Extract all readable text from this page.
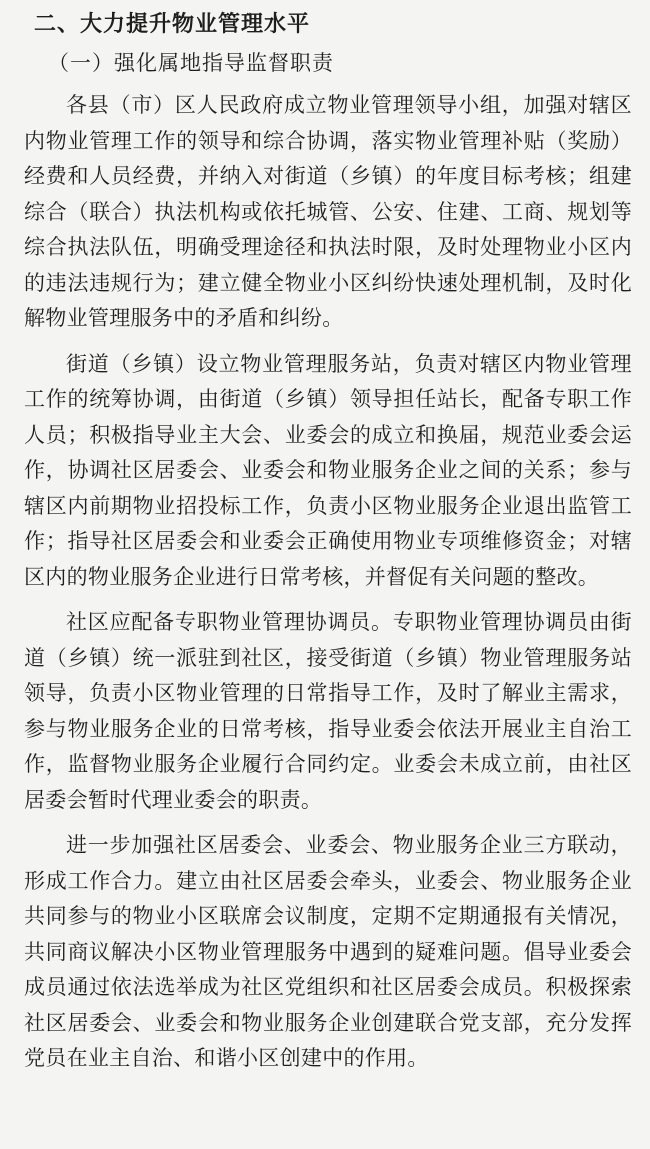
二、大力提升物业管理水平
（一）强化属地指导监督职责
各县（市）区人民政府成立物业管理领导小组，加强对辖区
内物业管理工作的领导和综合协调，落实物业管理补贴（奖励）
经费和人员经费，并纳入对街道（乡镇）的年度目标考核；组建
综合（联合）执法机构或依托城管、公安、住建、工商、规划等
综合执法队伍，明确受理途径和执法时限，及时处理物业小区内
的违法违规行为；建立健全物业小区纠纷快速处理机制，及时化
解物业管理服务中的矛盾和纠纷。
街道（乡镇）设立物业管理服务站，负责对辖区内物业管理
工作的统筹协调，由街道（乡镇）领导担任站长，配备专职工作
人员；积极指导业主大会、业委会的成立和换届，规范业委会运
作，协调社区居委会、业委会和物业服务企业之间的关系；参与
辖区内前期物业招投标工作，负责小区物业服务企业退出监管工
作；指导社区居委会和业委会正确使用物业专项维修资金；对辖
区内的物业服务企业进行日常考核，并督促有关问题的整改。
社区应配备专职物业管理协调员。专职物业管理协调员由街
道（乡镇）统一派驻到社区，接受街道（乡镇）物业管理服务站
领导，负责小区物业管理的日常指导工作，及时了解业主需求，
参与物业服务企业的日常考核，指导业委会依法开展业主自治工
作，监督物业服务企业履行合同约定。业委会未成立前，由社区
居委会暂时代理业委会的职责。
进一步加强社区居委会、业委会、物业服务企业三方联动，
形成工作合力。建立由社区居委会牵头，业委会、物业服务企业
共同参与的物业小区联席会议制度，定期不定期通报有关情况，
共同商议解决小区物业管理服务中遇到的疑难问题。倡导业委会
成员通过依法选举成为社区党组织和社区居委会成员。积极探索
社区居委会、业委会和物业服务企业创建联合党支部，充分发挥
党员在业主自治、和谐小区创建中的作用。
